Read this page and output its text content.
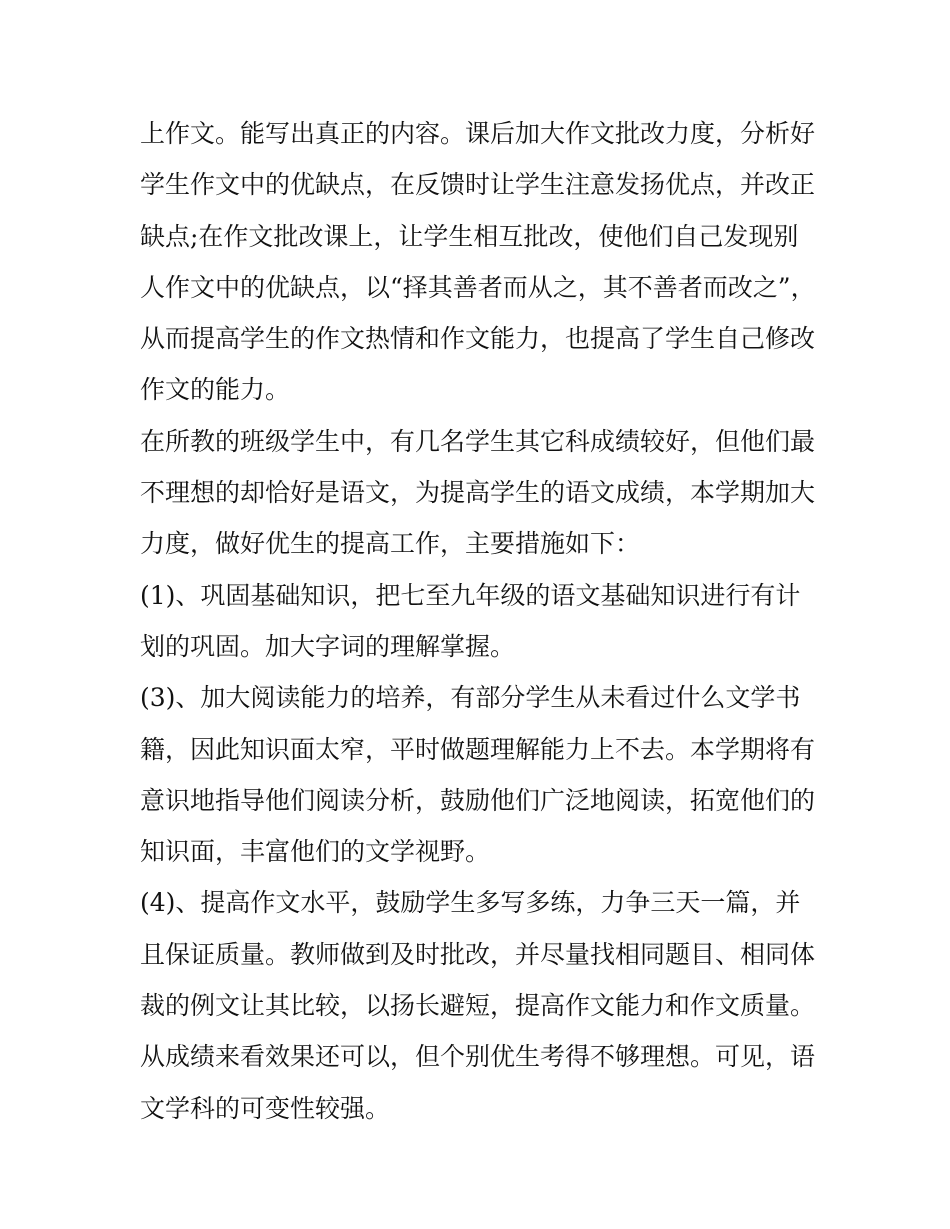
上作文。能写出真正的内容。课后加大作文批改力度，分析好
学生作文中的优缺点，在反馈时让学生注意发扬优点，并改正
缺点;在作文批改课上，让学生相互批改，使他们自己发现别
人作文中的优缺点，以“择其善者而从之，其不善者而改之”，
从而提高学生的作文热情和作文能力，也提高了学生自己修改
作文的能力。
在所教的班级学生中，有几名学生其它科成绩较好，但他们最
不理想的却恰好是语文，为提高学生的语文成绩，本学期加大
力度，做好优生的提高工作，主要措施如下：
(1)、巩固基础知识，把七至九年级的语文基础知识进行有计
划的巩固。加大字词的理解掌握。
(3)、加大阅读能力的培养，有部分学生从未看过什么文学书
籍，因此知识面太窄，平时做题理解能力上不去。本学期将有
意识地指导他们阅读分析，鼓励他们广泛地阅读，拓宽他们的
知识面，丰富他们的文学视野。
(4)、提高作文水平，鼓励学生多写多练，力争三天一篇，并
且保证质量。教师做到及时批改，并尽量找相同题目、相同体
裁的例文让其比较，以扬长避短，提高作文能力和作文质量。
从成绩来看效果还可以，但个别优生考得不够理想。可见，语
文学科的可变性较强。
